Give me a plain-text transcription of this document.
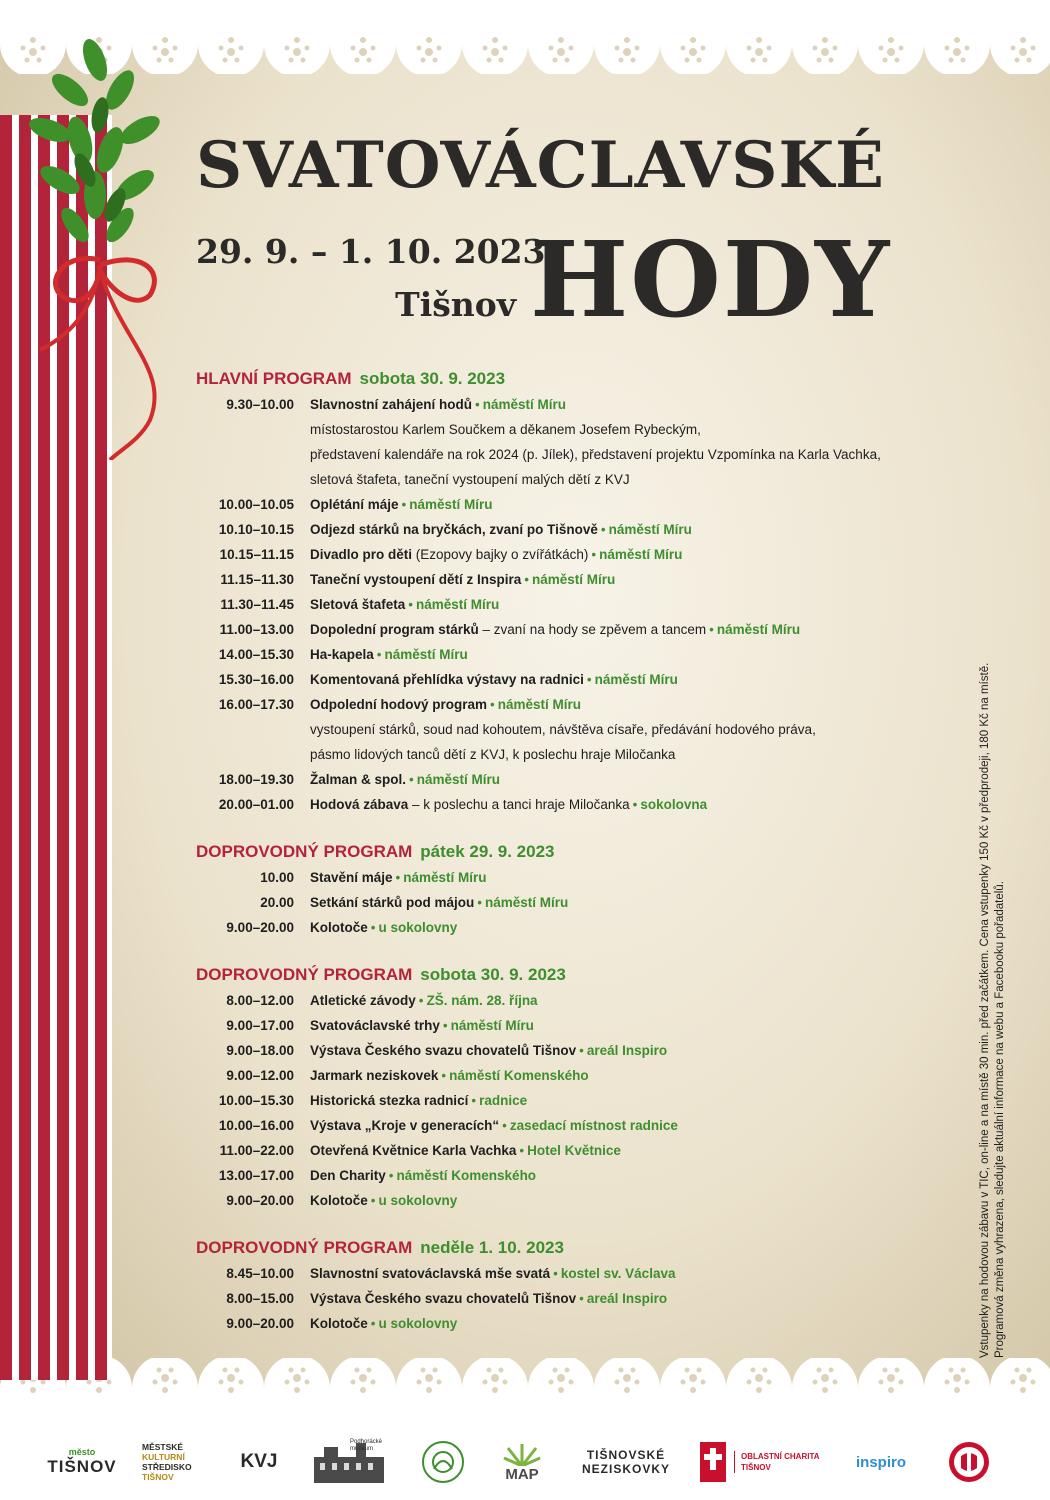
SVATOVÁCLAVSKÉ
29. 9. – 1. 10. 2023
Tišnov HODY
HLAVNÍ PROGRAM sobota 30. 9. 2023
9.30–10.00 Slavnostní zahájení hodů • náměstí Míru
místostarostou Karlem Součkem a děkanem Josefem Rybeckým,
představení kalendáře na rok 2024 (p. Jílek), představení projektu Vzpomínka na Karla Vachka,
sletová štafeta, taneční vystoupení malých dětí z KVJ
10.00–10.05 Oplétání máje • náměstí Míru
10.10–10.15 Odjezd stárků na bryčkách, zvaní po Tišnově • náměstí Míru
10.15–11.15 Divadlo pro děti (Ezopovy bajky o zvířátkách) • náměstí Míru
11.15–11.30 Taneční vystoupení dětí z Inspira • náměstí Míru
11.30–11.45 Sletová štafeta • náměstí Míru
11.00–13.00 Dopolední program stárků – zvaní na hody se zpěvem a tancem • náměstí Míru
14.00–15.30 Ha-kapela • náměstí Míru
15.30–16.00 Komentovaná přehlídka výstavy na radnici • náměstí Míru
16.00–17.30 Odpolední hodový program • náměstí Míru
vystoupení stárků, soud nad kohoutem, návštěva císaře, předávání hodového práva,
pásmo lidových tanců dětí z KVJ, k poslechu hraje Miločanka
18.00–19.30 Žalman & spol. • náměstí Míru
20.00–01.00 Hodová zábava – k poslechu a tanci hraje Miločanka • sokolovna
DOPROVODNÝ PROGRAM pátek 29. 9. 2023
10.00 Stavění máje • náměstí Míru
20.00 Setkání stárků pod májou • náměstí Míru
9.00–20.00 Kolotoče • u sokolovny
DOPROVODNÝ PROGRAM sobota 30. 9. 2023
8.00–12.00 Atletické závody • ZŠ. nám. 28. října
9.00–17.00 Svatováclavské trhy • náměstí Míru
9.00–18.00 Výstava Českého svazu chovatelů Tišnov • areál Inspiro
9.00–12.00 Jarmark neziskovek • náměstí Komenského
10.00–15.30 Historická stezka radnicí • radnice
10.00–16.00 Výstava „Kroje v generacích“ • zasedací místnost radnice
11.00–22.00 Otevřená Květnice Karla Vachka • Hotel Květnice
13.00–17.00 Den Charity • náměstí Komenského
9.00–20.00 Kolotoče • u sokolovny
DOPROVODNÝ PROGRAM neděle 1. 10. 2023
8.45–10.00 Slavnostní svatováclavská mše svatá • kostel sv. Václava
8.00–15.00 Výstava Českého svazu chovatelů Tišnov • areál Inspiro
9.00–20.00 Kolotoče • u sokolovny	Vstupenky na hodovou zábavu v TIC, on-line a na místě 30 min. před začátkem. Cena vstupenky 150 Kč v předprodeji, 180 Kč na místě. Programová změna vyhrazena, sledujte aktuální informace na webu a Facebooku pořadatelů.
město
TIŠNOV
MĚSTSKÉ
KULTURNÍ
STŘEDISKO
TIŠNOV
KVJ
Podhorácké muzeum
MAP
TIŠNOVSKÉ
NEZISKOVKY
OBLASTNÍ CHARITA
TIŠNOV	inspiro
